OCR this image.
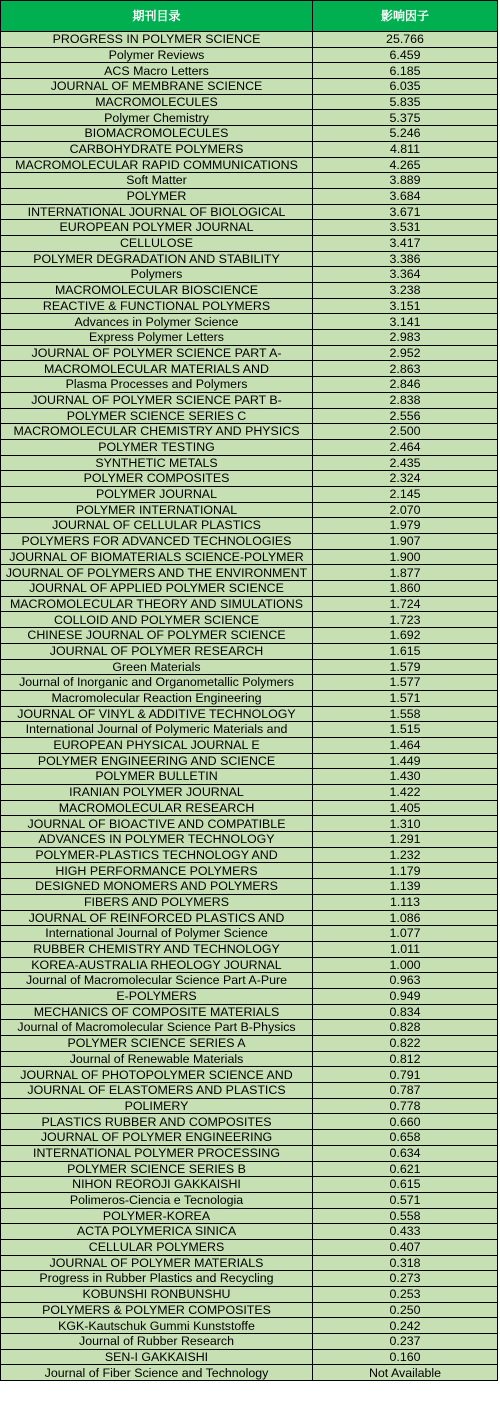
期刊目录	影响因子
PROGRESS IN POLYMER SCIENCE	25.766
Polymer Reviews	6.459
ACS Macro Letters	6.185
JOURNAL OF MEMBRANE SCIENCE	6.035
MACROMOLECULES	5.835
Polymer Chemistry	5.375
BIOMACROMOLECULES	5.246
CARBOHYDRATE POLYMERS	4.811
MACROMOLECULAR RAPID COMMUNICATIONS	4.265
Soft Matter	3.889
POLYMER	3.684
INTERNATIONAL JOURNAL OF BIOLOGICAL	3.671
EUROPEAN POLYMER JOURNAL	3.531
CELLULOSE	3.417
POLYMER DEGRADATION AND STABILITY	3.386
Polymers	3.364
MACROMOLECULAR BIOSCIENCE	3.238
REACTIVE & FUNCTIONAL POLYMERS	3.151
Advances in Polymer Science	3.141
Express Polymer Letters	2.983
JOURNAL OF POLYMER SCIENCE PART A-	2.952
MACROMOLECULAR MATERIALS AND	2.863
Plasma Processes and Polymers	2.846
JOURNAL OF POLYMER SCIENCE PART B-	2.838
POLYMER SCIENCE SERIES C	2.556
MACROMOLECULAR CHEMISTRY AND PHYSICS	2.500
POLYMER TESTING	2.464
SYNTHETIC METALS	2.435
POLYMER COMPOSITES	2.324
POLYMER JOURNAL	2.145
POLYMER INTERNATIONAL	2.070
JOURNAL OF CELLULAR PLASTICS	1.979
POLYMERS FOR ADVANCED TECHNOLOGIES	1.907
JOURNAL OF BIOMATERIALS SCIENCE-POLYMER	1.900
JOURNAL OF POLYMERS AND THE ENVIRONMENT	1.877
JOURNAL OF APPLIED POLYMER SCIENCE	1.860
MACROMOLECULAR THEORY AND SIMULATIONS	1.724
COLLOID AND POLYMER SCIENCE	1.723
CHINESE JOURNAL OF POLYMER SCIENCE	1.692
JOURNAL OF POLYMER RESEARCH	1.615
Green Materials	1.579
Journal of Inorganic and Organometallic Polymers	1.577
Macromolecular Reaction Engineering	1.571
JOURNAL OF VINYL & ADDITIVE TECHNOLOGY	1.558
International Journal of Polymeric Materials and	1.515
EUROPEAN PHYSICAL JOURNAL E	1.464
POLYMER ENGINEERING AND SCIENCE	1.449
POLYMER BULLETIN	1.430
IRANIAN POLYMER JOURNAL	1.422
MACROMOLECULAR RESEARCH	1.405
JOURNAL OF BIOACTIVE AND COMPATIBLE	1.310
ADVANCES IN POLYMER TECHNOLOGY	1.291
POLYMER-PLASTICS TECHNOLOGY AND	1.232
HIGH PERFORMANCE POLYMERS	1.179
DESIGNED MONOMERS AND POLYMERS	1.139
FIBERS AND POLYMERS	1.113
JOURNAL OF REINFORCED PLASTICS AND	1.086
International Journal of Polymer Science	1.077
RUBBER CHEMISTRY AND TECHNOLOGY	1.011
KOREA-AUSTRALIA RHEOLOGY JOURNAL	1.000
Journal of Macromolecular Science Part A-Pure	0.963
E-POLYMERS	0.949
MECHANICS OF COMPOSITE MATERIALS	0.834
Journal of Macromolecular Science Part B-Physics	0.828
POLYMER SCIENCE SERIES A	0.822
Journal of Renewable Materials	0.812
JOURNAL OF PHOTOPOLYMER SCIENCE AND	0.791
JOURNAL OF ELASTOMERS AND PLASTICS	0.787
POLIMERY	0.778
PLASTICS RUBBER AND COMPOSITES	0.660
JOURNAL OF POLYMER ENGINEERING	0.658
INTERNATIONAL POLYMER PROCESSING	0.634
POLYMER SCIENCE SERIES B	0.621
NIHON REOROJI GAKKAISHI	0.615
Polimeros-Ciencia e Tecnologia	0.571
POLYMER-KOREA	0.558
ACTA POLYMERICA SINICA	0.433
CELLULAR POLYMERS	0.407
JOURNAL OF POLYMER MATERIALS	0.318
Progress in Rubber Plastics and Recycling	0.273
KOBUNSHI RONBUNSHU	0.253
POLYMERS & POLYMER COMPOSITES	0.250
KGK-Kautschuk Gummi Kunststoffe	0.242
Journal of Rubber Research	0.237
SEN-I GAKKAISHI	0.160
Journal of Fiber Science and Technology	Not Available
